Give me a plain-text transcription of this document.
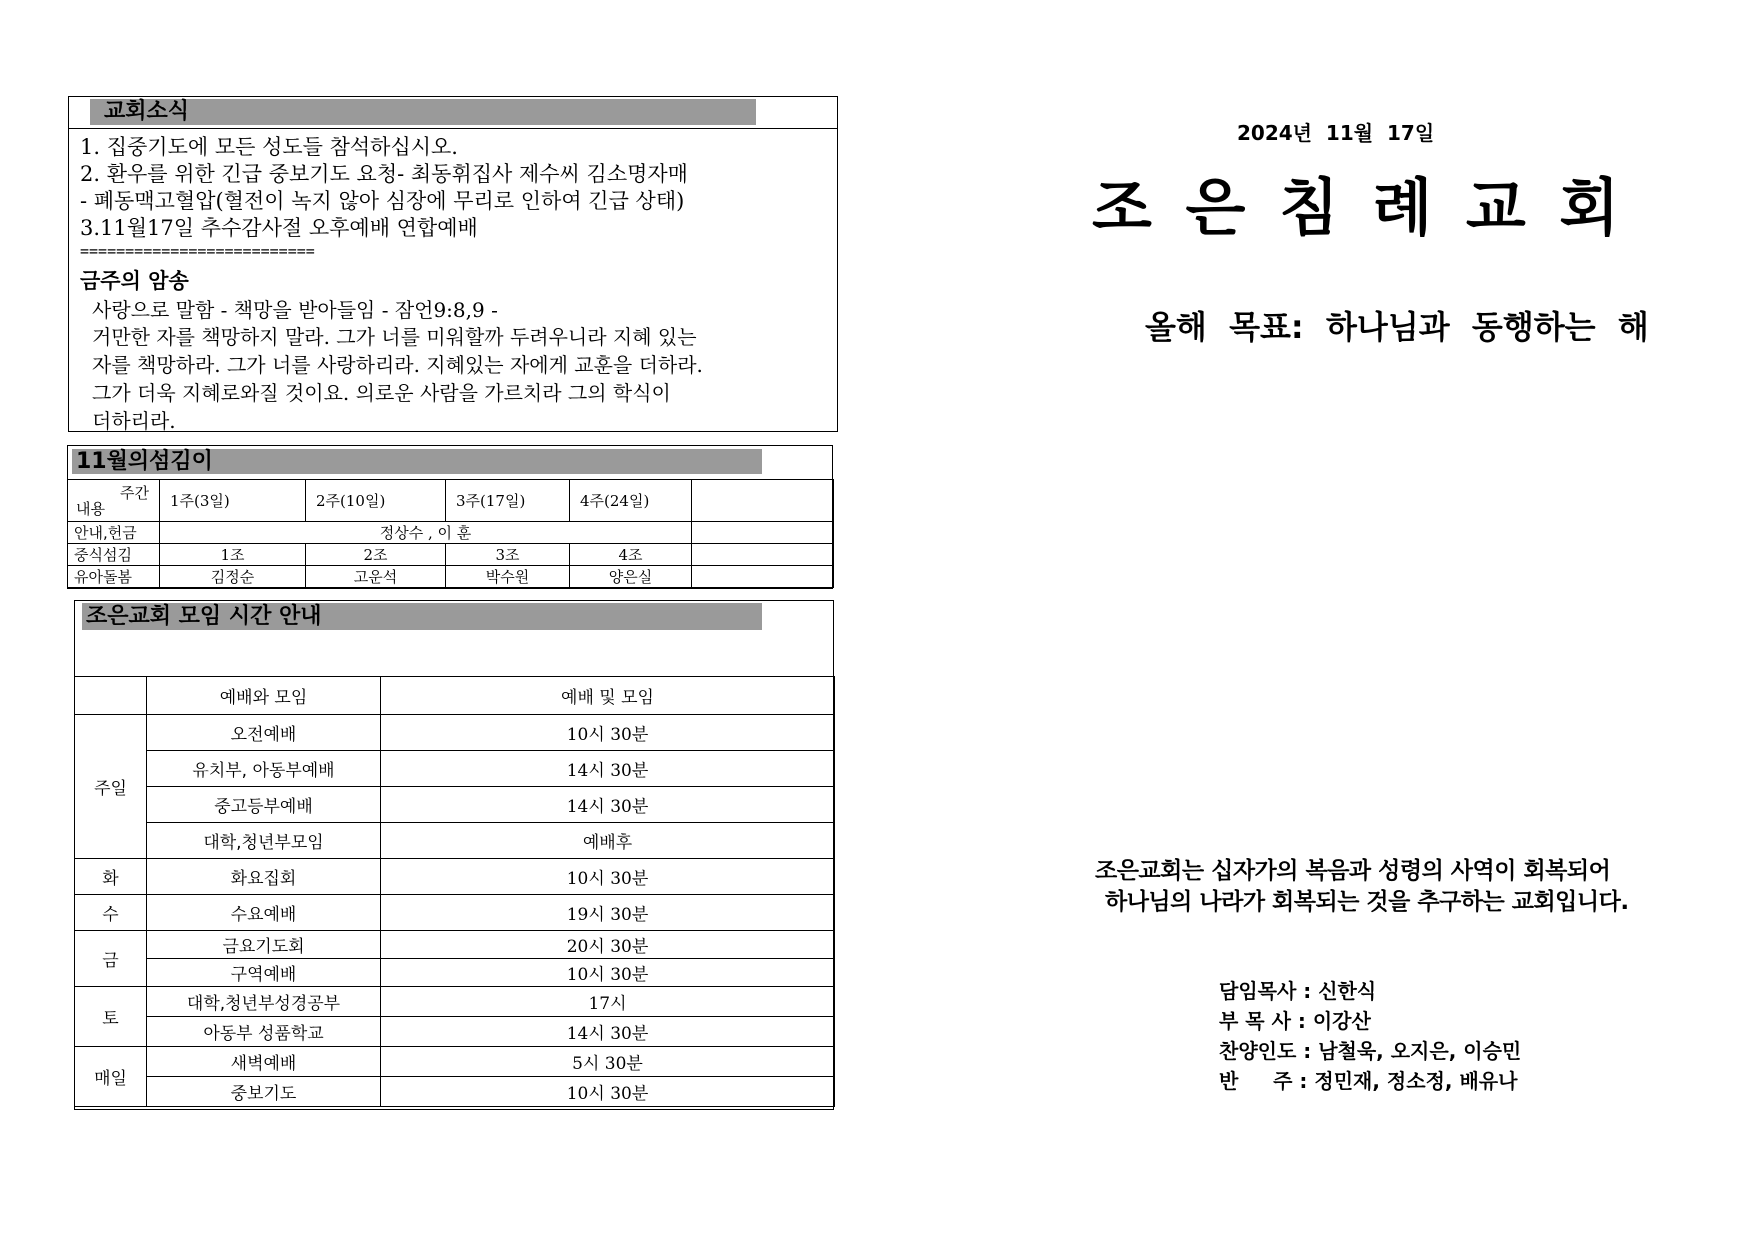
교회소식
1. 집중기도에 모든 성도들 참석하십시오.
2. 환우를 위한 긴급 중보기도 요청- 최동휘집사 제수씨 김소명자매
- 폐동맥고혈압(혈전이 녹지 않아 심장에 무리로 인하여 긴급 상태)
3.11월17일 추수감사절 오후예배 연합예배
==========================
금주의 암송
사랑으로 말함 - 책망을 받아들임 - 잠언9:8,9 -
거만한 자를 책망하지 말라. 그가 너를 미워할까 두려우니라 지혜 있는
자를 책망하라. 그가 너를 사랑하리라. 지혜있는 자에게 교훈을 더하라.
그가 더욱 지혜로와질 것이요. 의로운 사람을 가르치라 그의 학식이
더하리라.
11월의섬김이
주간
내용	1주(3일)	2주(10일)	3주(17일)	4주(24일)	
안내,헌금	정상수 , 이 훈				
중식섬김	1조	2조	3조	4조	
유아돌봄	김정순	고운석	박수원	양은실	
조은교회 모임 시간 안내
	예배와 모임	예배 및 모임
주일	오전예배	10시 30분
	유치부, 아동부예배	14시 30분
	중고등부예배	14시 30분
	대학,청년부모임	예배후
화	화요집회	10시 30분
수	수요예배	19시 30분
금	금요기도회	20시 30분
	구역예배	10시 30분
토	대학,청년부성경공부	17시
	아동부 성품학교	14시 30분
매일	새벽예배	5시 30분
	중보기도	10시 30분
2024년  11월  17일
조 은 침 례 교 회
올해  목표:  하나님과  동행하는  해
조은교회는 십자가의 복음과 성령의 사역이 회복되어
하나님의 나라가 회복되는 것을 추구하는 교회입니다.
담임목사 : 신한식
부 목 사 : 이강산
찬양인도 : 남철욱, 오지은, 이승민
반     주 : 정민재, 정소정, 배유나
